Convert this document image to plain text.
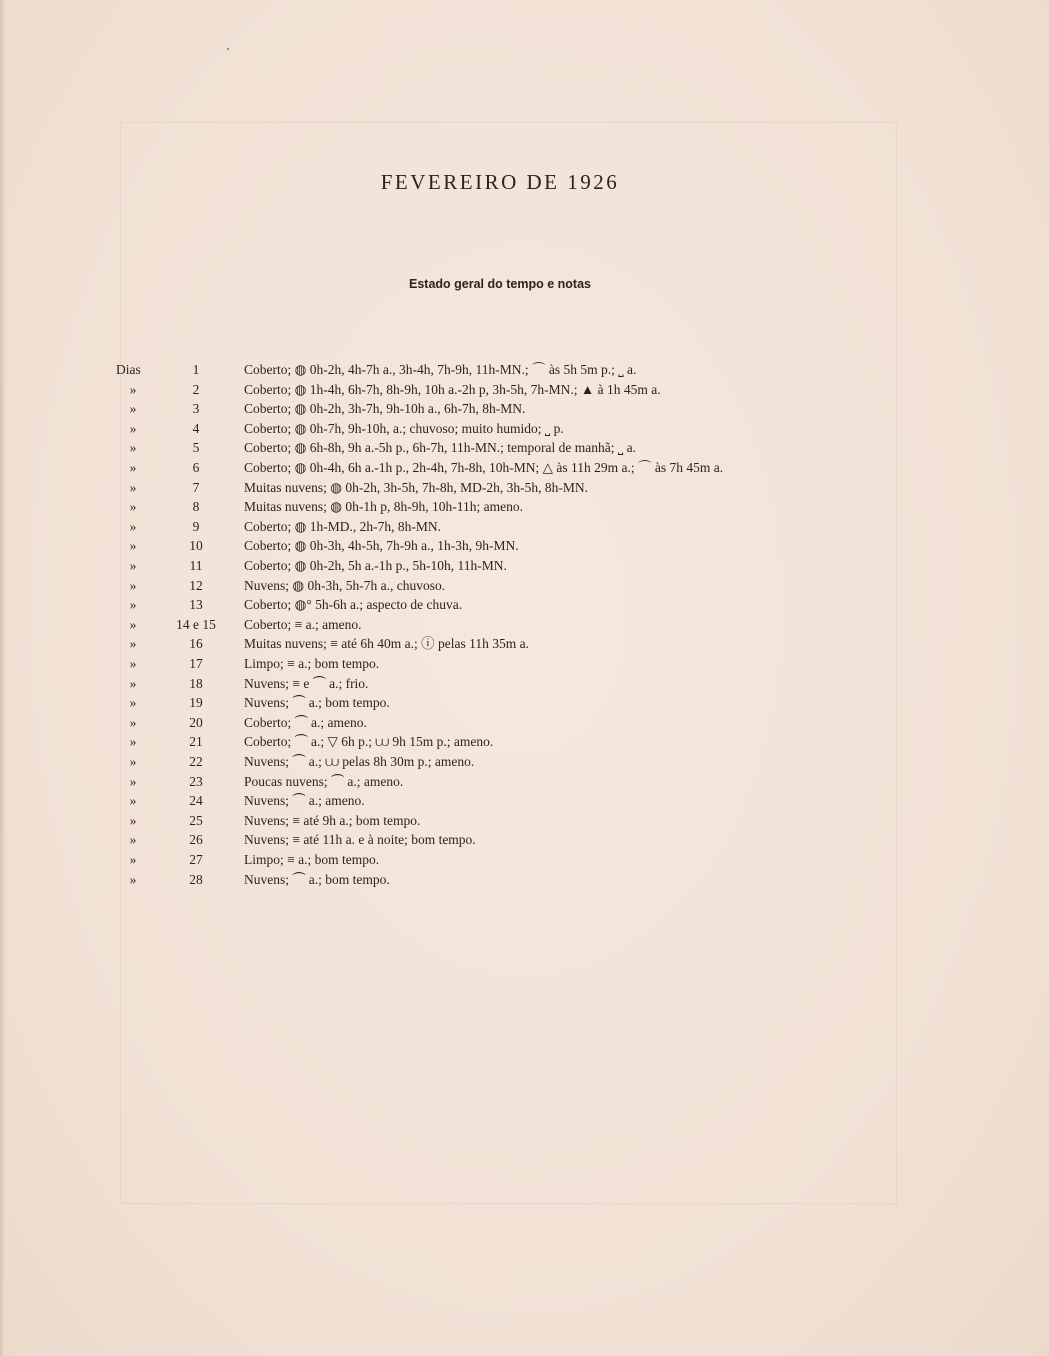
FEVEREIRO DE 1926
Estado geral do tempo e notas
Dias	1	Coberto; ◍ 0h-2h, 4h-7h a., 3h-4h, 7h-9h, 11h-MN.; ⌒ às 5h 5m p.; ⎵ a.
»	2	Coberto; ◍ 1h-4h, 6h-7h, 8h-9h, 10h a.-2h p, 3h-5h, 7h-MN.; ▲ à 1h 45m a.
»	3	Coberto; ◍ 0h-2h, 3h-7h, 9h-10h a., 6h-7h, 8h-MN.
»	4	Coberto; ◍ 0h-7h, 9h-10h, a.; chuvoso; muito humido; ⎵ p.
»	5	Coberto; ◍ 6h-8h, 9h a.-5h p., 6h-7h, 11h-MN.; temporal de manhã; ⎵ a.
»	6	Coberto; ◍ 0h-4h, 6h a.-1h p., 2h-4h, 7h-8h, 10h-MN; △ às 11h 29m a.; ⌒ às 7h 45m a.
»	7	Muitas nuvens; ◍ 0h-2h, 3h-5h, 7h-8h, MD-2h, 3h-5h, 8h-MN.
»	8	Muitas nuvens; ◍ 0h-1h p, 8h-9h, 10h-11h; ameno.
»	9	Coberto; ◍ 1h-MD., 2h-7h, 8h-MN.
»	10	Coberto; ◍ 0h-3h, 4h-5h, 7h-9h a., 1h-3h, 9h-MN.
»	11	Coberto; ◍ 0h-2h, 5h a.-1h p., 5h-10h, 11h-MN.
»	12	Nuvens; ◍ 0h-3h, 5h-7h a., chuvoso.
»	13	Coberto; ◍° 5h-6h a.; aspecto de chuva.
»	14 e 15	Coberto; ≡ a.; ameno.
»	16	Muitas nuvens; ≡ até 6h 40m a.; ⓘ pelas 11h 35m a.
»	17	Limpo; ≡ a.; bom tempo.
»	18	Nuvens; ≡ e ⏜ a.; frio.
»	19	Nuvens; ⏜ a.; bom tempo.
»	20	Coberto; ⏜ a.; ameno.
»	21	Coberto; ⏜ a.; ▽ 6h p.; ⩊ 9h 15m p.; ameno.
»	22	Nuvens; ⏜ a.; ⩊ pelas 8h 30m p.; ameno.
»	23	Poucas nuvens; ⏜ a.; ameno.
»	24	Nuvens; ⏜ a.; ameno.
»	25	Nuvens; ≡ até 9h a.; bom tempo.
»	26	Nuvens; ≡ até 11h a. e à noite; bom tempo.
»	27	Limpo; ≡ a.; bom tempo.
»	28	Nuvens; ⏜ a.; bom tempo.
